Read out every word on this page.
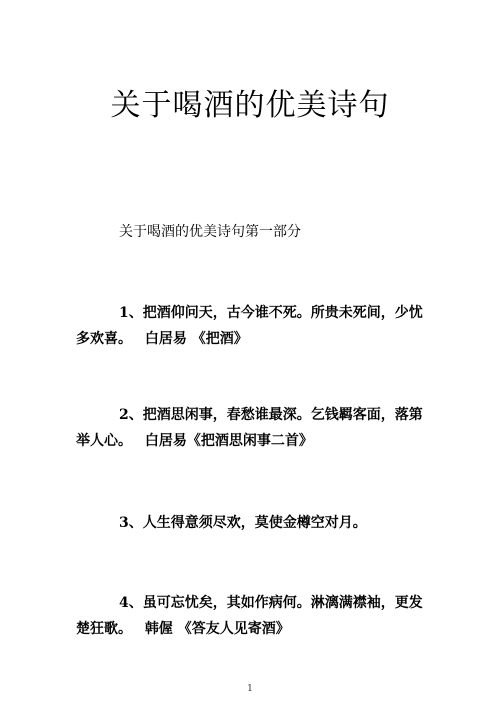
关于喝酒的优美诗句
关于喝酒的优美诗句第一部分
1、把酒仰问天，古今谁不死。所贵未死间，少忧多欢喜。 白居易 《把酒》
2、把酒思闲事，春愁谁最深。乞钱羁客面，落第举人心。 白居易《把酒思闲事二首》
3、人生得意须尽欢，莫使金樽空对月。
4、虽可忘忧矣，其如作病何。淋漓满襟袖，更发楚狂歌。 韩偓 《答友人见寄酒》
1
